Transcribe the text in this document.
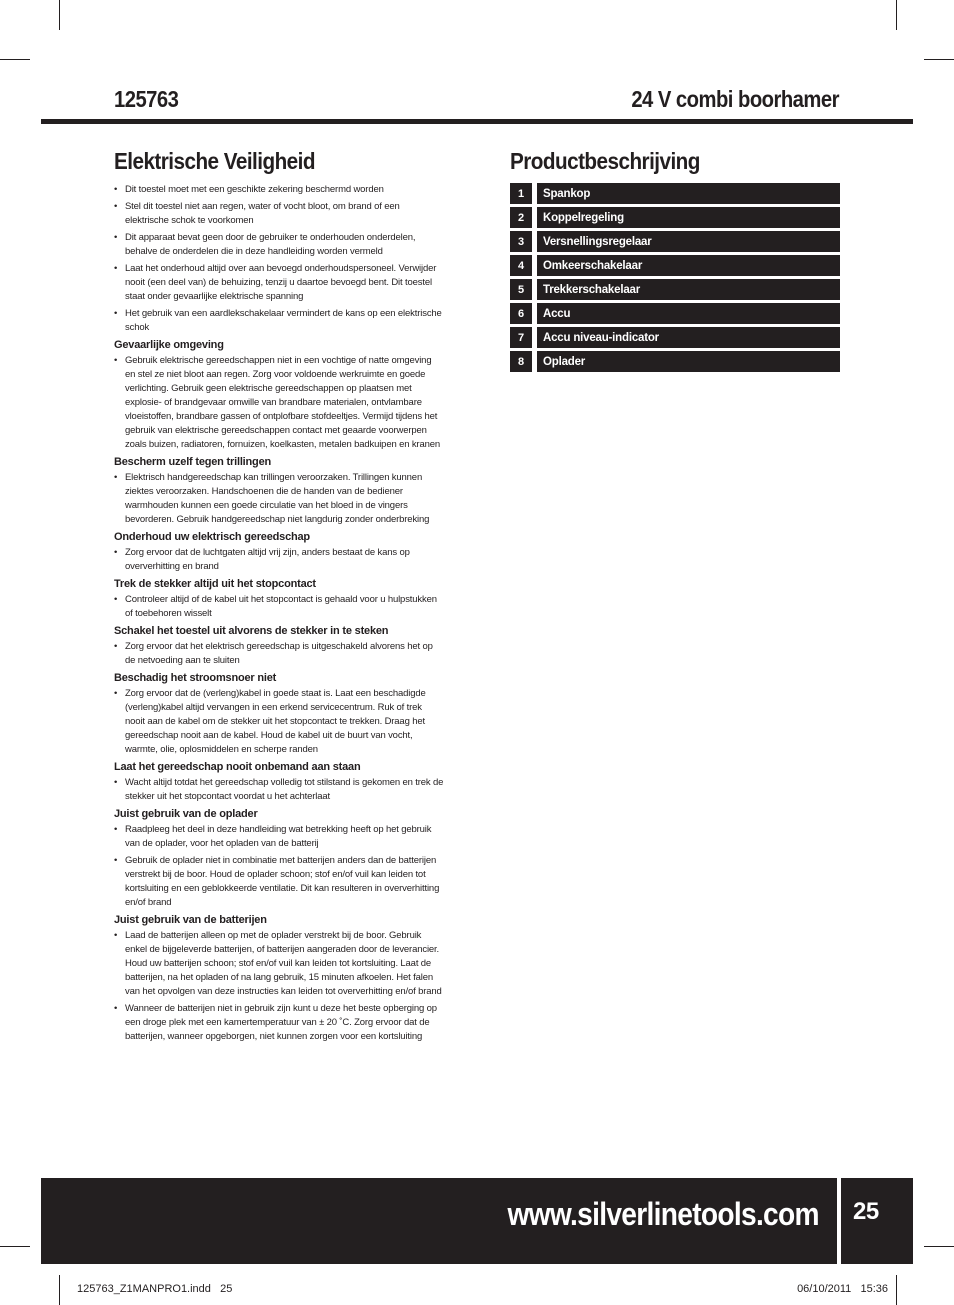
125763	24 V combi boorhamer
Elektrische Veiligheid
• Dit toestel moet met een geschikte zekering beschermd worden
• Stel dit toestel niet aan regen, water of vocht bloot, om brand of een elektrische schok te voorkomen
• Dit apparaat bevat geen door de gebruiker te onderhouden onderdelen, behalve de onderdelen die in deze handleiding worden vermeld
• Laat het onderhoud altijd over aan bevoegd onderhoudspersoneel. Verwijder nooit (een deel van) de behuizing, tenzij u daartoe bevoegd bent. Dit toestel staat onder gevaarlijke elektrische spanning
• Het gebruik van een aardlekschakelaar vermindert de kans op een elektrische schok
Gevaarlijke omgeving
• Gebruik elektrische gereedschappen niet in een vochtige of natte omgeving en stel ze niet bloot aan regen. Zorg voor voldoende werkruimte en goede verlichting. Gebruik geen elektrische gereedschappen op plaatsen met explosie- of brandgevaar omwille van brandbare materialen, ontvlambare vloeistoffen, brandbare gassen of ontplofbare stofdeeltjes. Vermijd tijdens het gebruik van elektrische gereedschappen contact met geaarde voorwerpen zoals buizen, radiatoren, fornuizen, koelkasten, metalen badkuipen en kranen
Bescherm uzelf tegen trillingen
• Elektrisch handgereedschap kan trillingen veroorzaken. Trillingen kunnen ziektes veroorzaken. Handschoenen die de handen van de bediener warmhouden kunnen een goede circulatie van het bloed in de vingers bevorderen. Gebruik handgereedschap niet langdurig zonder onderbreking
Onderhoud uw elektrisch gereedschap
• Zorg ervoor dat de luchtgaten altijd vrij zijn, anders bestaat de kans op oververhitting en brand
Trek de stekker altijd uit het stopcontact
• Controleer altijd of de kabel uit het stopcontact is gehaald voor u hulpstukken of toebehoren wisselt
Schakel het toestel uit alvorens de stekker in te steken
• Zorg ervoor dat het elektrisch gereedschap is uitgeschakeld alvorens het op de netvoeding aan te sluiten
Beschadig het stroomsnoer niet
• Zorg ervoor dat de (verleng)kabel in goede staat is. Laat een beschadigde (verleng)kabel altijd vervangen in een erkend servicecentrum. Ruk of trek nooit aan de kabel om de stekker uit het stopcontact te trekken. Draag het gereedschap nooit aan de kabel. Houd de kabel uit de buurt van vocht, warmte, olie, oplosmiddelen en scherpe randen
Laat het gereedschap nooit onbemand aan staan
• Wacht altijd totdat het gereedschap volledig tot stilstand is gekomen en trek de stekker uit het stopcontact voordat u het achterlaat
Juist gebruik van de oplader
• Raadpleeg het deel in deze handleiding wat betrekking heeft op het gebruik van de oplader, voor het opladen van de batterij
• Gebruik de oplader niet in combinatie met batterijen anders dan de batterijen verstrekt bij de boor. Houd de oplader schoon; stof en/of vuil kan leiden tot kortsluiting en een geblokkeerde ventilatie. Dit kan resulteren in oververhitting en/of brand
Juist gebruik van de batterijen
• Laad de batterijen alleen op met de oplader verstrekt bij de boor. Gebruik enkel de bijgeleverde batterijen, of batterijen aangeraden door de leverancier. Houd uw batterijen schoon; stof en/of vuil kan leiden tot kortsluiting. Laat de batterijen, na het opladen of na lang gebruik, 15 minuten afkoelen. Het falen van het opvolgen van deze instructies kan leiden tot oververhitting en/of brand
• Wanneer de batterijen niet in gebruik zijn kunt u deze het beste opberging op een droge plek met een kamertemperatuur van ± 20 ˚C. Zorg ervoor dat de batterijen, wanneer opgeborgen, niet kunnen zorgen voor een kortsluiting
Productbeschrijving
1	Spankop
2	Koppelregeling
3	Versnellingsregelaar
4	Omkeerschakelaar
5	Trekkerschakelaar
6	Accu
7	Accu niveau-indicator
8	Oplader
www.silverlinetools.com 25
125763_Z1MANPRO1.indd   25	06/10/2011   15:36
